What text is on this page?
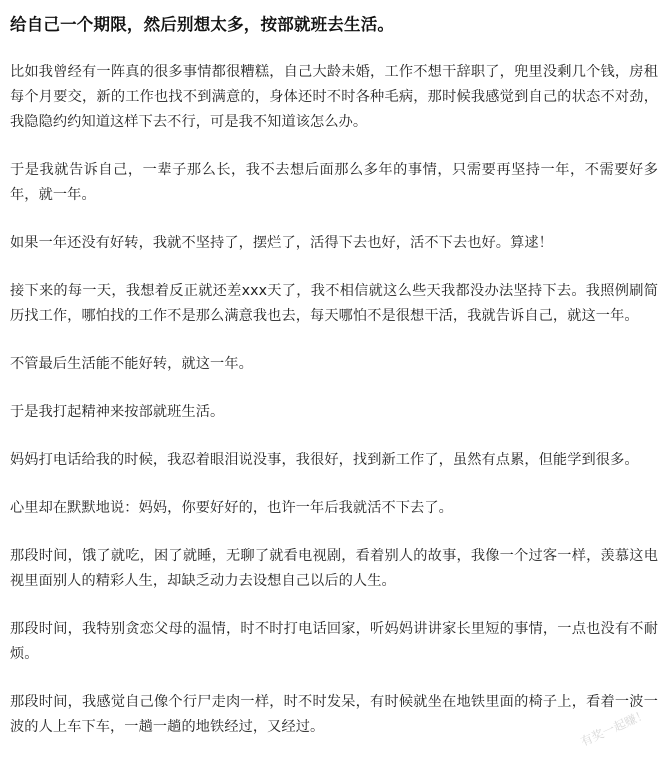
给自己一个期限，然后别想太多，按部就班去生活。

比如我曾经有一阵真的很多事情都很糟糕，自己大龄未婚，工作不想干辞职了，兜里没剩几个钱，房租每个月要交，新的工作也找不到满意的，身体还时不时各种毛病，那时候我感觉到自己的状态不对劲，我隐隐约约知道这样下去不行，可是我不知道该怎么办。

于是我就告诉自己，一辈子那么长，我不去想后面那么多年的事情，只需要再坚持一年，不需要好多年，就一年。

如果一年还没有好转，我就不坚持了，摆烂了，活得下去也好，活不下去也好。算逑！

接下来的每一天，我想着反正就还差xxx天了，我不相信就这么些天我都没办法坚持下去。我照例刷简历找工作，哪怕找的工作不是那么满意我也去，每天哪怕不是很想干活，我就告诉自己，就这一年。

不管最后生活能不能好转，就这一年。

于是我打起精神来按部就班生活。

妈妈打电话给我的时候，我忍着眼泪说没事，我很好，找到新工作了，虽然有点累，但能学到很多。

心里却在默默地说：妈妈，你要好好的，也许一年后我就活不下去了。

那段时间，饿了就吃，困了就睡，无聊了就看电视剧，看着别人的故事，我像一个过客一样，羡慕这电视里面别人的精彩人生，却缺乏动力去设想自己以后的人生。

那段时间，我特别贪恋父母的温情，时不时打电话回家，听妈妈讲讲家长里短的事情，一点也没有不耐烦。

那段时间，我感觉自己像个行尸走肉一样，时不时发呆，有时候就坐在地铁里面的椅子上，看着一波一波的人上车下车，一趟一趟的地铁经过，又经过。	有奖一起赚！
